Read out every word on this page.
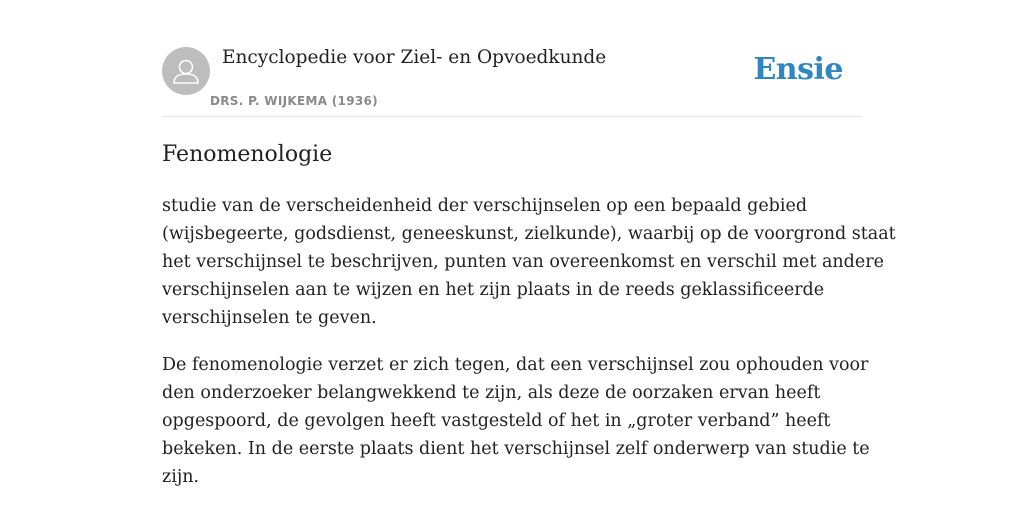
Encyclopedie voor Ziel- en Opvoedkunde
DRS. P. WIJKEMA (1936)
Ensie
Fenomenologie

studie van de verscheidenheid der verschijnselen op een bepaald gebied
(wijsbegeerte, godsdienst, geneeskunst, zielkunde), waarbij op de voorgrond staat
het verschijnsel te beschrijven, punten van overeenkomst en verschil met andere
verschijnselen aan te wijzen en het zijn plaats in de reeds geklassificeerde
verschijnselen te geven.

De fenomenologie verzet er zich tegen, dat een verschijnsel zou ophouden voor
den onderzoeker belangwekkend te zijn, als deze de oorzaken ervan heeft
opgespoord, de gevolgen heeft vastgesteld of het in „groter verband” heeft
bekeken. In de eerste plaats dient het verschijnsel zelf onderwerp van studie te
zijn.
